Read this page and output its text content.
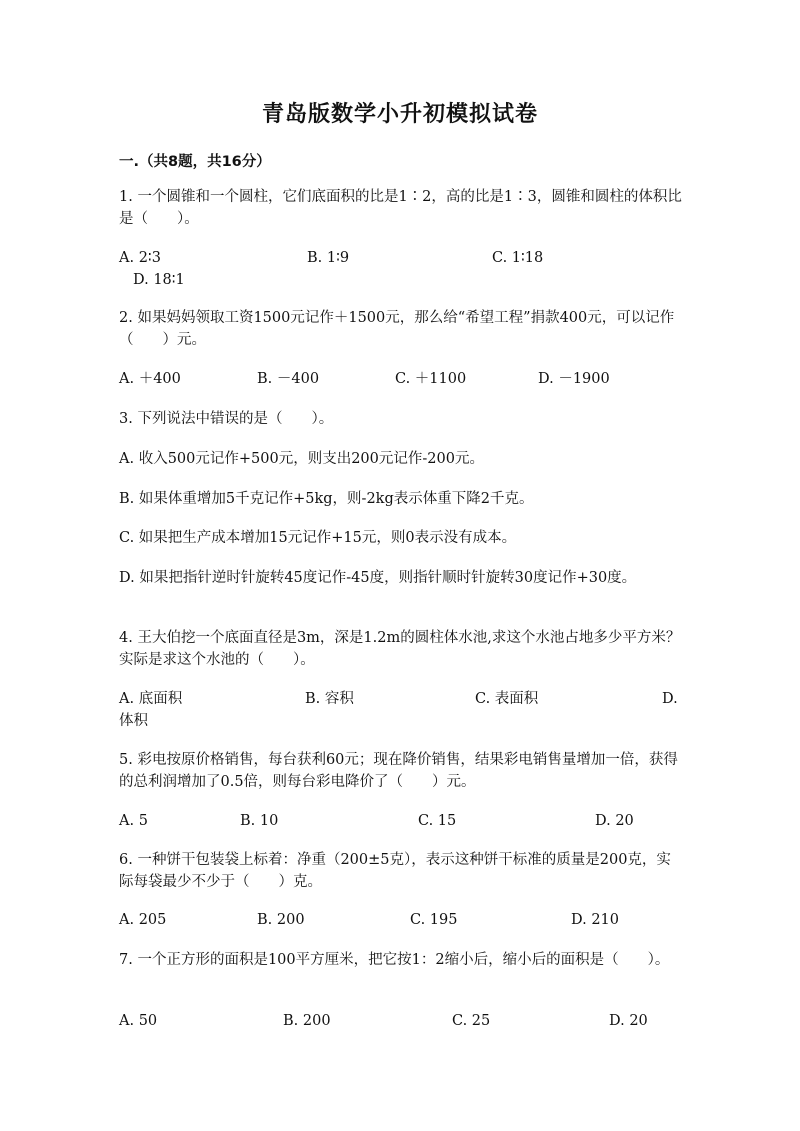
青岛版数学小升初模拟试卷
一.（共8题，共16分）
1. 一个圆锥和一个圆柱，它们底面积的比是1∶2，高的比是1∶3，圆锥和圆柱的体积比是（　　）。
A. 2∶3	B. 1∶9	C. 1∶18
D. 18∶1
2. 如果妈妈领取工资1500元记作＋1500元，那么给“希望工程”捐款400元，可以记作（　　）元。
A. ＋400	B. －400	C. ＋1100	D. －1900
3. 下列说法中错误的是（　　）。
A. 收入500元记作+500元，则支出200元记作-200元。
B. 如果体重增加5千克记作+5kg，则-2kg表示体重下降2千克。
C. 如果把生产成本增加15元记作+15元，则0表示没有成本。
D. 如果把指针逆时针旋转45度记作-45度，则指针顺时针旋转30度记作+30度。
4. 王大伯挖一个底面直径是3m，深是1.2m的圆柱体水池,求这个水池占地多少平方米？实际是求这个水池的（　　）。
A. 底面积	B. 容积	C. 表面积	D.
体积
5. 彩电按原价格销售，每台获利60元；现在降价销售，结果彩电销售量增加一倍，获得的总利润增加了0.5倍，则每台彩电降价了（　　）元。
A. 5	B. 10	C. 15	D. 20
6. 一种饼干包装袋上标着：净重（200±5克），表示这种饼干标准的质量是200克，实际每袋最少不少于（　　）克。
A. 205	B. 200	C. 195	D. 210
7. 一个正方形的面积是100平方厘米，把它按1：2缩小后，缩小后的面积是（　　）。
A. 50	B. 200	C. 25	D. 20
